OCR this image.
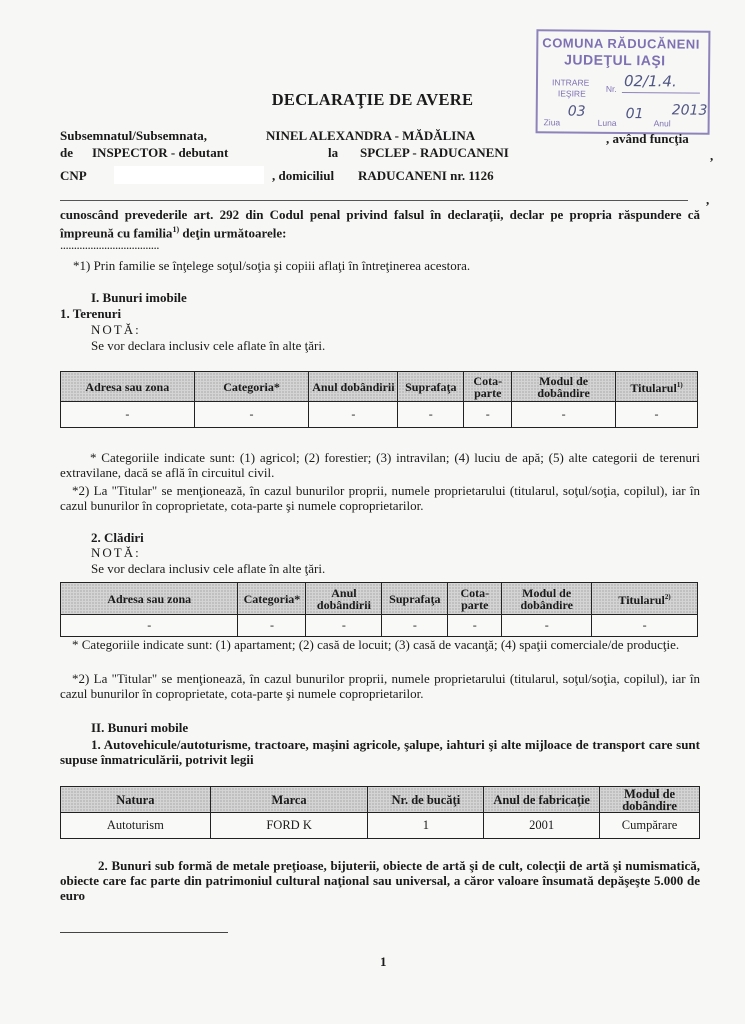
COMUNA RĂDUCĂNENI
JUDEŢUL IAŞI
INTRARE
IEŞIRE Nr. 02/1.4.
Ziua
03
Luna
01
Anul
2013
DECLARAŢIE DE AVERE
Subsemnatul/Subsemnata,	NINEL ALEXANDRA - MĂDĂLINA	, având funcţia
de INSPECTOR - debutant	la SPCLEP - RADUCANENI	,
CNP	, domiciliul RADUCANENI nr. 1126
,
cunoscând prevederile art. 292 din Codul penal privind falsul în declaraţii, declar pe propria răspundere că împreună cu familia$^{1)}$ deţin următoarele:
....................................
*1) Prin familie se înţelege soţul/soţia şi copiii aflaţi în întreţinerea acestora.
I. Bunuri imobile
1. Terenuri
NOTĂ:
Se vor declara inclusiv cele aflate în alte ţări.
Adresa sau zona	Categoria*	Anul dobândirii	Suprafaţa	Cota-parte	Modul de dobândire	Titularul$^{1)}$
-	-	-	-	-	-	-
* Categoriile indicate sunt: (1) agricol; (2) forestier; (3) intravilan; (4) luciu de apă; (5) alte categorii de terenuri extravilane, dacă se află în circuitul civil.
*2) La "Titular" se menţionează, în cazul bunurilor proprii, numele proprietarului (titularul, soţul/soţia, copilul), iar în cazul bunurilor în coproprietate, cota-parte şi numele coproprietarilor.
2. Clădiri
NOTĂ:
Se vor declara inclusiv cele aflate în alte ţări.
Adresa sau zona	Categoria*	Anul dobândirii	Suprafaţa	Cota-parte	Modul de dobândire	Titularul$^{2)}$
-	-	-	-	-	-	-
* Categoriile indicate sunt: (1) apartament; (2) casă de locuit; (3) casă de vacanţă; (4) spaţii comerciale/de producţie.
*2) La "Titular" se menţionează, în cazul bunurilor proprii, numele proprietarului (titularul, soţul/soţia, copilul), iar în cazul bunurilor în coproprietate, cota-parte şi numele coproprietarilor.
II. Bunuri mobile
1. Autovehicule/autoturisme, tractoare, maşini agricole, şalupe, iahturi şi alte mijloace de transport care sunt supuse înmatriculării, potrivit legii
Natura	Marca	Nr. de bucăţi	Anul de fabricaţie	Modul de dobândire
Autoturism	FORD K	1	2001	Cumpărare
2. Bunuri sub formă de metale preţioase, bijuterii, obiecte de artă şi de cult, colecţii de artă şi numismatică, obiecte care fac parte din patrimoniul cultural naţional sau universal, a căror valoare însumată depăşeşte 5.000 de euro
1
